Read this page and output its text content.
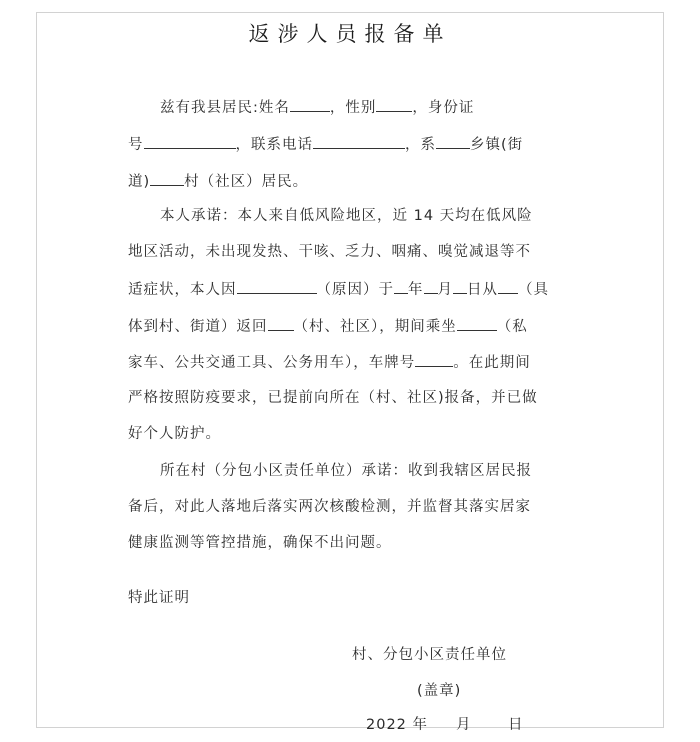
返涉人员报备单
兹有我县居民:姓名	，性别 ，身份证
号	，联系电话	，系 乡镇(街
道) 村（社区）居民。
本人承诺：本人来自低风险地区，近 14 天均在低风险
地区活动，未出现发热、干咳、乏力、咽痛、嗅觉减退等不
适症状，本人因	（原因）于 年 月 日从 （具
体到村、街道）返回 （村、社区），期间乘坐	（私
家车、公共交通工具、公务用车），车牌号	。在此期间
严格按照防疫要求，已提前向所在（村、社区)报备，并已做
好个人防护。
所在村（分包小区责任单位）承诺：收到我辖区居民报
备后，对此人落地后落实两次核酸检测，并监督其落实居家
健康监测等管控措施，确保不出问题。
特此证明
村、分包小区责任单位
(盖章)
2022 年 月	日
